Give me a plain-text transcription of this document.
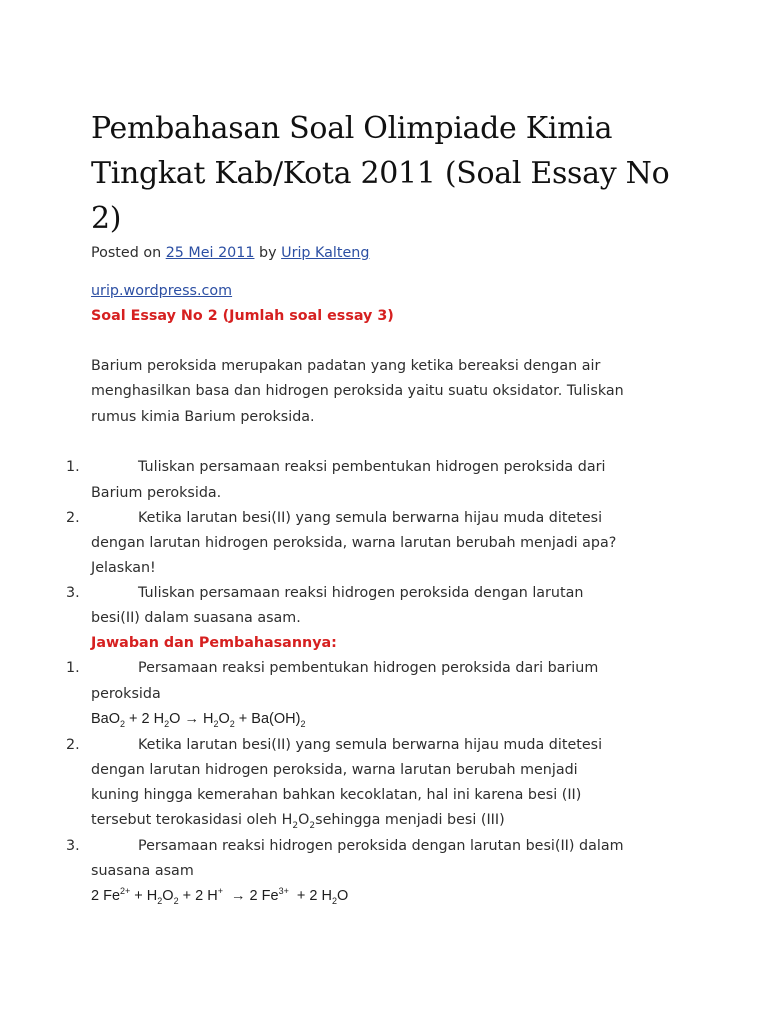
Pembahasan Soal Olimpiade Kimia Tingkat Kab/Kota 2011 (Soal Essay No 2)
Posted on 25 Mei 2011 by Urip Kalteng
urip.wordpress.com
Soal Essay No 2 (Jumlah soal essay 3)
Barium peroksida merupakan padatan yang ketika bereaksi dengan air
menghasilkan basa dan hidrogen peroksida yaitu suatu oksidator. Tuliskan
rumus kimia Barium peroksida.
1.	Tuliskan persamaan reaksi pembentukan hidrogen peroksida dari
Barium peroksida.
2.	Ketika larutan besi(II) yang semula berwarna hijau muda ditetesi
dengan larutan hidrogen peroksida, warna larutan berubah menjadi apa?
Jelaskan!
3.	Tuliskan persamaan reaksi hidrogen peroksida dengan larutan
besi(II) dalam suasana asam.
Jawaban dan Pembahasannya:
1.	Persamaan reaksi pembentukan hidrogen peroksida dari barium
peroksida
BaO$_2$ + 2 $H_2O \to H_2O_2 + Ba(OH)_2$
2.	Ketika larutan besi(II) yang semula berwarna hijau muda ditetesi
dengan larutan hidrogen peroksida, warna larutan berubah menjadi
kuning hingga kemerahan bahkan kecoklatan, hal ini karena besi (II)
tersebut terokasidasi oleh $H_2O_2sehingga$ menjadi besi (III)
3.	Persamaan reaksi hidrogen peroksida dengan larutan besi(II) dalam
suasana asam
2 $Fe^{2+} + H_2O_2 + 2$ H+  → 2 $Fe^{3+} + 2$ $H_2O$
